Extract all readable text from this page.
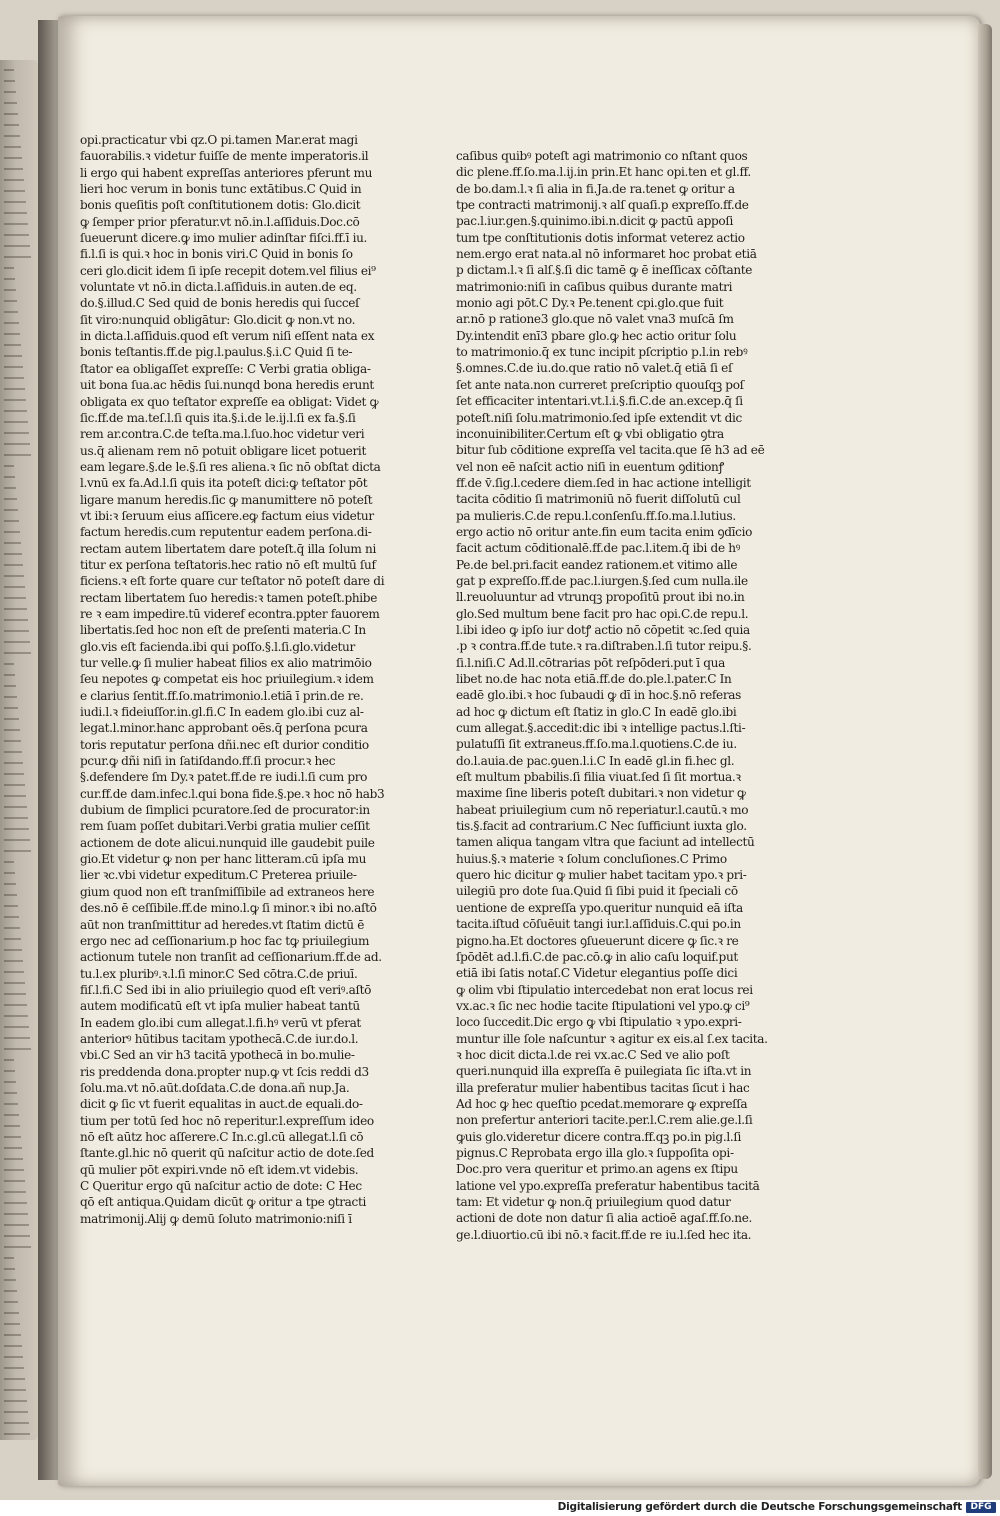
opi.practicatur vbi qz.O pi.tamen Mar.erat magi
fauorabilis.ꝛ videtur fuiſſe de mente imperatoris.il
li ergo qui habent expreſſas anteriores pferunt mu
lieri hoc verum in bonis tunc extātibus.C Quid in
bonis queſitis poſt conſtitutionem dotis: Glo.dicit
ꝙ ſemper prior pferatur.vt nō.in.l.aſſiduis.Doc.cō
ſueuerunt dicere.ꝙ imo mulier adinſtar fiſci.ff.ī iu.
fi.l.ſi is qui.ꝛ hoc in bonis viri.C Quid in bonis ſo
ceri glo.dicit idem ſi ipſe recepit dotem.vel filius ei⁹
voluntate vt nō.in dicta.l.aſſiduis.in auten.de eq.
do.§.illud.C Sed quid de bonis heredis qui ſucceſ
ſit viro:nunquid obligātur: Glo.dicit ꝙ non.vt no.
in dicta.l.aſſiduis.quod eſt verum niſi eſſent nata ex
bonis teſtantis.ff.de pig.l.paulus.§.i.C Quid ſi te-
ſtator ea obligaſſet expreſſe: C Verbi gratia obliga-
uit bona ſua.ac hēdis ſui.nunqd bona heredis erunt
obligata ex quo teſtator expreſſe ea obligat: Videt ꝙ
ſic.ff.de ma.teſ.l.ſi quis ita.§.i.de le.ij.l.ſi ex fa.§.ſi
rem ar.contra.C.de teſta.ma.l.ſuo.hoc videtur veri
us.q̄ alienam rem nō potuit obligare licet potuerit
eam legare.§.de le.§.ſi res aliena.ꝛ ſic nō obſtat dicta
l.vnū ex fa.Ad.l.ſi quis ita poteſt dici:ꝙ teſtator pōt
ligare manum heredis.ſic ꝙ manumittere nō poteſt
vt ibi:ꝛ ſeruum eius aſſicere.eꝙ factum eius videtur
factum heredis.cum reputentur eadem perſona.di-
rectam autem libertatem dare poteſt.q̄ illa ſolum ni
titur ex perſona teſtatoris.hec ratio nō eſt multū ſuf
ficiens.ꝛ eſt forte quare cur teſtator nō poteſt dare di
rectam libertatem ſuo heredis:ꝛ tamen poteſt.phibe
re ꝛ eam impedire.tū videref econtra.ppter fauorem
libertatis.ſed hoc non eſt de preſenti materia.C In
glo.vis eſt facienda.ibi qui poſſo.§.l.ſi.glo.videtur
tur velle.ꝙ ſi mulier habeat filios ex alio matrimōio
ſeu nepotes ꝙ competat eis hoc priuilegium.ꝛ idem
e clarius ſentit.ff.ſo.matrimonio.l.etiā ī prin.de re.
iudi.l.ꝛ fideiuſſor.in.gl.fi.C In eadem glo.ibi cuz al-
legat.l.minor.hanc approbant oēs.q̄ perſona pcura
toris reputatur perſona dñi.nec eſt durior conditio
pcur.ꝙ dñi niſi in ſatiſdando.ff.ſi procur.ꝛ hec
§.defendere ſm Dy.ꝛ patet.ff.de re iudi.l.ſi cum pro
cur.ff.de dam.infec.l.qui bona fide.§.pe.ꝛ hoc nō hab3
dubium de ſimplici pcuratore.ſed de procurator:in
rem ſuam poſſet dubitari.Verbi gratia mulier ceſſit
actionem de dote alicui.nunquid ille gaudebit puile
gio.Et videtur ꝙ non per hanc litteram.cū ipſa mu
lier ꝛc.vbi videtur expeditum.C Preterea priuile-
gium quod non eſt tranſmiſſibile ad extraneos here
des.nō ē ceſſibile.ff.de mino.l.ꝙ ſi minor.ꝛ ibi no.aſtō
aūt non tranſmittitur ad heredes.vt ſtatim dictū ē
ergo nec ad ceſſionarium.p hoc fac tꝙ priuilegium
actionum tutele non tranſit ad ceſſionarium.ff.de ad.
tu.l.ex pluribꝰ.ꝛ.l.ſi minor.C Sed cōtra.C.de priuī.
fiſ.l.fi.C Sed ibi in alio priuilegio quod eſt veriꝰ.aſtō
autem modificatū eſt vt ipſa mulier habeat tantū
In eadem glo.ibi cum allegat.l.fi.hꝰ verū vt pferat
anteriorꝰ hūtibus tacitam ypothecā.C.de iur.do.l.
vbi.C Sed an vir h3 tacitā ypothecā in bo.mulie-
ris preddenda dona.propter nup.ꝙ vt ſcis reddi d3
ſolu.ma.vt nō.aūt.doſdata.C.de dona.añ nup.Ja.
dicit ꝙ ſic vt fuerit equalitas in auct.de equali.do-
tium per totū ſed hoc nō reperitur.l.expreſſum ideo
nō eſt aūtz hoc aſſerere.C In.c.gl.cū allegat.l.ſi cō
ſtante.gl.hic nō querit qū naſcitur actio de dote.ſed
qū mulier pōt expiri.vnde nō eſt idem.vt videbis.
C Queritur ergo qū naſcitur actio de dote: C Hec
qō eſt antiqua.Quidam dicūt ꝙ oritur a tpe ꝯtracti
matrimonij.Alij ꝙ demū ſoluto matrimonio:niſi ī
caſibus quibꝰ poteſt agi matrimonio co nſtant quos
dic plene.ff.ſo.ma.l.ij.in prin.Et hanc opi.ten et gl.ff.
de bo.dam.l.ꝛ ſi alia in fi.Ja.de ra.tenet ꝙ oritur a
tpe contracti matrimonij.ꝛ alſ quaſi.p expreſſo.ff.de
pac.l.iur.gen.§.quinimo.ibi.n.dicit ꝙ pactū appoſi
tum tpe conſtitutionis dotis informat veterez actio
nem.ergo erat nata.al nō informaret hoc probat etiā
p dictam.l.ꝛ ſi alſ.§.ſi dic tamē ꝙ ē ineſſicax cōſtante
matrimonio:niſi in caſibus quibus durante matri
monio agi pōt.C Dy.ꝛ Pe.tenent cpi.glo.que fuit
ar.nō p ratione3 glo.que nō valet vna3 muſcā ſm
Dy.intendit enī3 pbare glo.ꝙ hec actio oritur ſolu
to matrimonio.q̄ ex tunc incipit pſcriptio p.l.in rebꝰ
§.omnes.C.de iu.do.que ratio nō valet.q̄ etiā ſi eſ
ſet ante nata.non curreret preſcriptio quouſqꝫ poſ
ſet efficaciter intentari.vt.l.i.§.fi.C.de an.excep.q̄ ſi
poteſt.niſi ſolu.matrimonio.ſed ipſe extendit vt dic
inconuinibiliter.Certum eſt ꝙ vbi obligatio ꝯtra
bitur ſub cōditione expreſſa vel tacita.que ſē h3 ad eē
vel non eē naſcit actio niſi in euentum ꝯditionꝭ
ff.de v̄.ſig.l.cedere diem.ſed in hac actione intelligit
tacita cōditio ſi matrimoniū nō fuerit diſſolutū cul
pa mulieris.C.de repu.l.conſenſu.ff.ſo.ma.l.lutius.
ergo actio nō oritur ante.fin eum tacita enim ꝯdīcio
facit actum cōditionalē.ff.de pac.l.item.q̄ ibi de hꝰ
Pe.de bel.pri.facit eandez rationem.et vitimo alle
gat p expreſſo.ff.de pac.l.iurgen.§.ſed cum nulla.ile
ll.reuoluuntur ad vtrunqꝫ propoſitū prout ibi no.in
glo.Sed multum bene facit pro hac opi.C.de repu.l.
l.ibi ideo ꝙ ipſo iur dotꝭ actio nō cōpetit ꝛc.ſed quia
.p ꝛ contra.ff.de tute.ꝛ ra.diſtraben.l.ſi tutor reipu.§.
ſi.l.niſi.C Ad.ll.cōtrarias pōt reſpōderi.put ī qua
libet no.de hac nota etiā.ff.de do.ple.l.pater.C In
eadē glo.ibi.ꝛ hoc ſubaudi ꝙ dī in hoc.§.nō referas
ad hoc ꝙ dictum eſt ſtatiz in glo.C In eadē glo.ibi
cum allegat.§.accedit:dic ibi ꝛ intellige pactus.l.ſti-
pulatuſſi ſit extraneus.ff.ſo.ma.l.quotiens.C.de iu.
do.l.auia.de pac.ꝯuen.l.i.C In eadē gl.in fi.hec gl.
eſt multum pbabilis.ſi filia viuat.ſed ſi ſit mortua.ꝛ
maxime ſine liberis poteſt dubitari.ꝛ non videtur ꝙ
habeat priuilegium cum nō reperiatur.l.cautū.ꝛ mo
tis.§.facit ad contrarium.C Nec ſufficiunt iuxta glo.
tamen aliqua tangam vltra que faciunt ad intellectū
huius.§.ꝛ materie ꝛ ſolum concluſiones.C Primo
quero hic dicitur ꝙ mulier habet tacitam ypo.ꝛ pri-
uilegiū pro dote ſua.Quid ſi ſibi puid it ſpeciali cō
uentione de expreſſa ypo.queritur nunquid eā iſta
tacita.iſtud cōſuēuit tangi iur.l.aſſiduis.C.qui po.in
pigno.ha.Et doctores ꝯſueuerunt dicere ꝙ ſic.ꝛ re
ſpōdēt ad.l.fi.C.de pac.cō.ꝙ in alio caſu loquif.put
etiā ibi ſatis notaſ.C Videtur elegantius poſſe dici
ꝙ olim vbi ſtipulatio intercedebat non erat locus rei
vx.ac.ꝛ ſic nec hodie tacite ſtipulationi vel ypo.ꝙ ci⁹
loco ſuccedit.Dic ergo ꝙ vbi ſtipulatio ꝛ ypo.expri-
muntur ille ſole naſcuntur ꝛ agitur ex eis.al ſ.ex tacita.
ꝛ hoc dicit dicta.l.de rei vx.ac.C Sed ve alio poſt
queri.nunquid illa expreſſa ē puilegiata ſic iſta.vt in
illa preferatur mulier habentibus tacitas ſicut i hac
Ad hoc ꝙ hec queſtio pcedat.memorare ꝙ expreſſa
non prefertur anteriori tacite.per.l.C.rem alie.ge.l.ſi
ꝙuis glo.videretur dicere contra.ff.qꝫ po.in pig.l.ſi
pignus.C Reprobata ergo illa glo.ꝛ ſuppoſita opi-
Doc.pro vera queritur et primo.an agens ex ſtipu
latione vel ypo.expreſſa preferatur habentibus tacitā
tam: Et videtur ꝙ non.q̄ priuilegium quod datur
actioni de dote non datur ſi alia actioē agaſ.ff.ſo.ne.
ge.l.diuortio.cū ibi nō.ꝛ facit.ff.de re iu.l.ſed hec ita.
Digitalisierung gefördert durch die Deutsche Forschungsgemeinschaft DFG
